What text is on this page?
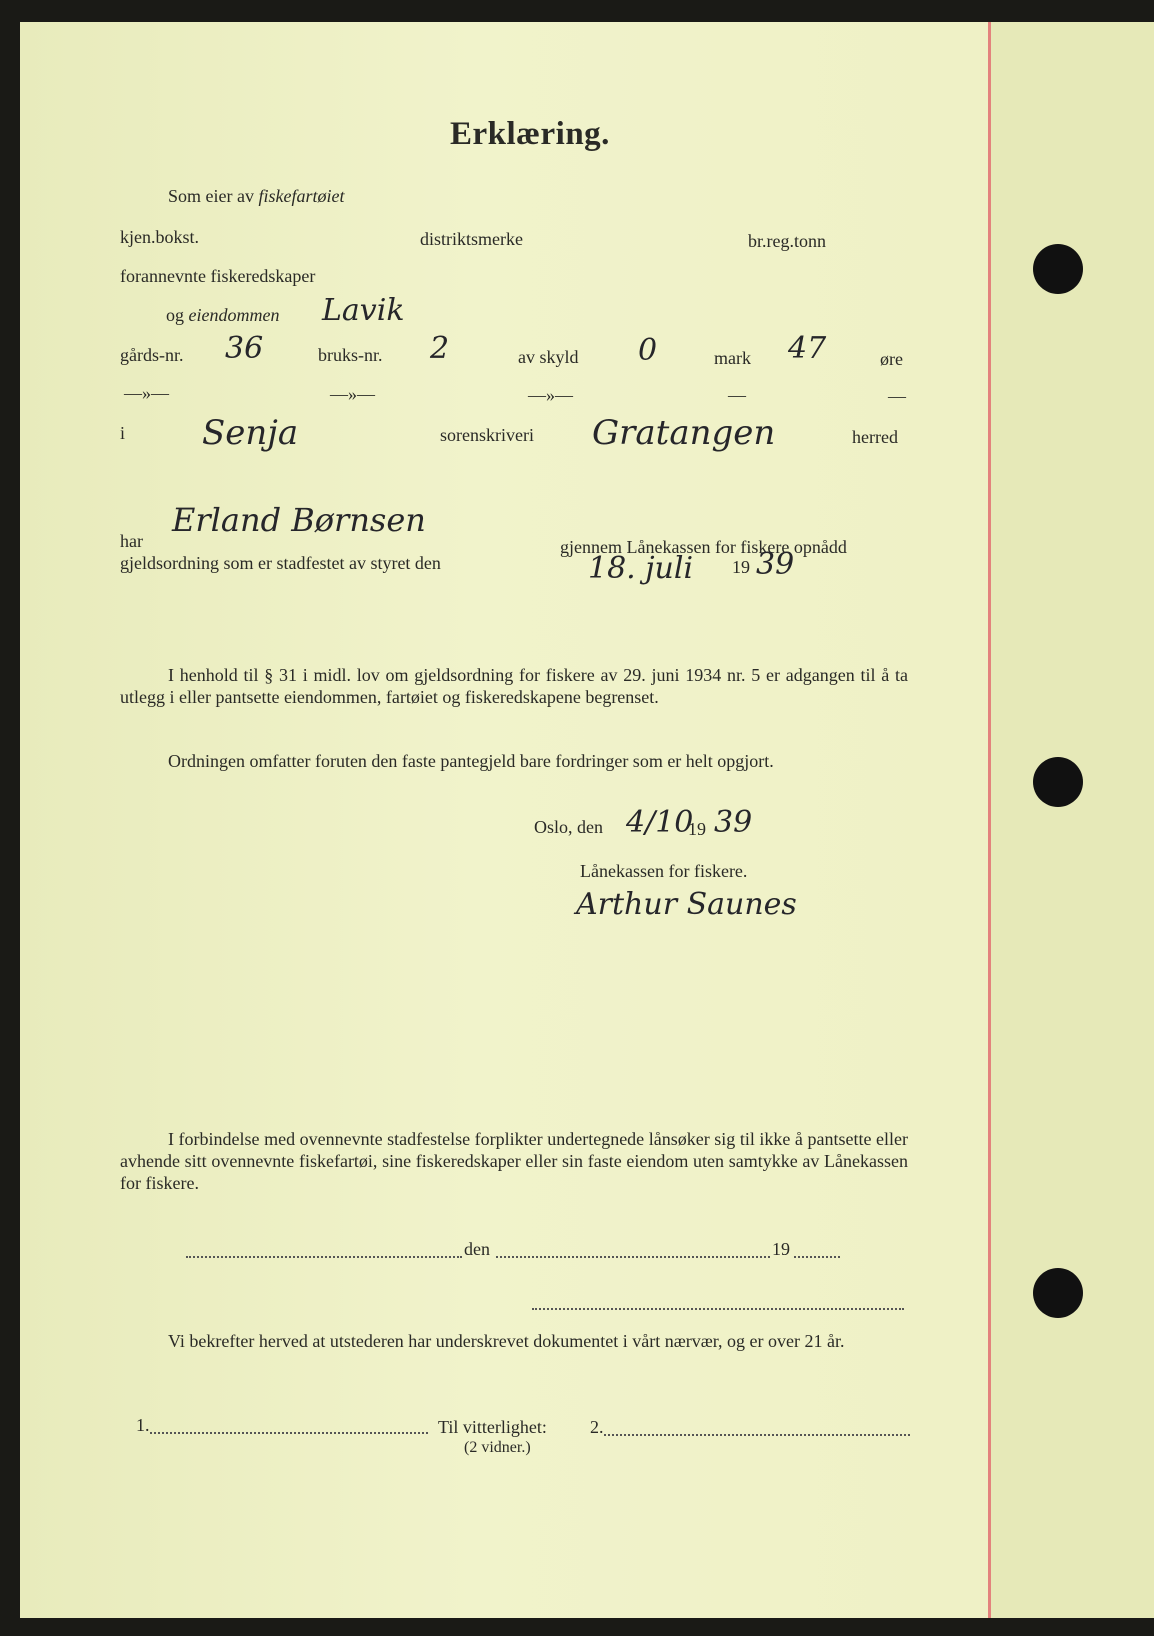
Erklæring.
Som eier av fiskefartøiet
kjen.bokst.	distriktsmerke	br.reg.tonn
forannevnte fiskeredskaper
og eiendommen Lavik
gårds-nr. 36	bruks-nr. 2	av skyld 0	mark 47	øre
—»—	—»—	—»—	—	—
i Senja	sorenskriveri Gratangen	herred
Erland Børnsen
har	gjennem Lånekassen for fiskere opnådd
gjeldsordning som er stadfestet av styret den	18. juli 19 39
I henhold til § 31 i midl. lov om gjeldsordning for fiskere av 29. juni 1934 nr. 5 er adgangen til å ta utlegg i eller pantsette eiendommen, fartøiet og fiskeredskapene begrenset.
Ordningen omfatter foruten den faste pantegjeld bare fordringer som er helt opgjort.
Oslo, den 4/10
19 39
Lånekassen for fiskere.
Arthur Saunes
I forbindelse med ovennevnte stadfestelse forplikter undertegnede lånsøker sig til ikke å pantsette eller avhende sitt ovennevnte fiskefartøi, sine fiskeredskaper eller sin faste eiendom uten samtykke av Lånekassen for fiskere.
den	19
Vi bekrefter herved at utstederen har underskrevet dokumentet i vårt nærvær, og er over 21 år.
1.	Til vitterlighet: 2.
(2 vidner.)
